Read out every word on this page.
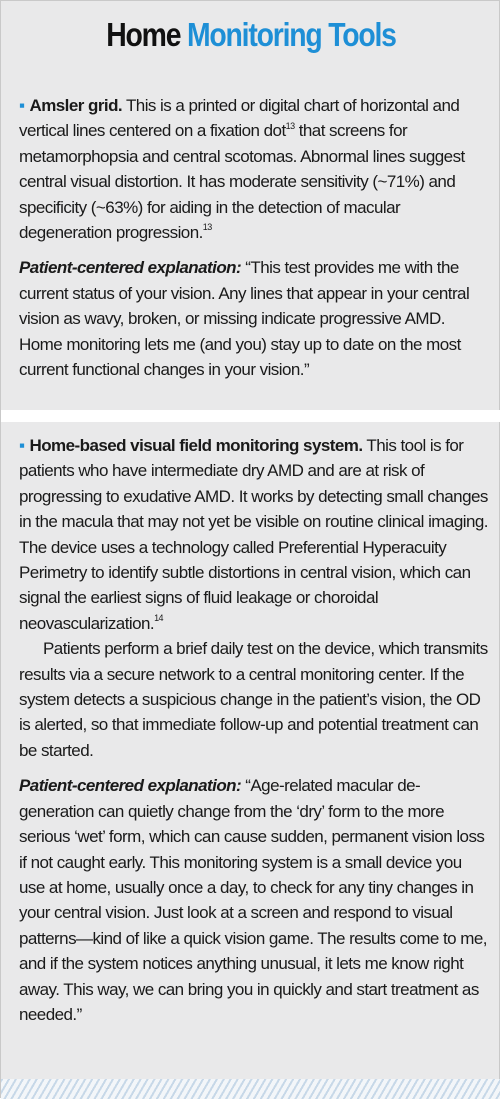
Home Monitoring Tools

▪ Amsler grid. This is a printed or digital chart of horizontal and vertical lines centered on a fixation dot$^{13}$ that screens for metamorphopsia and central scotomas. Abnormal lines suggest central visual distortion. It has moderate sensitivity (~71%) and specificity (~63%) for aiding in the detection of macular degeneration progression.$^{13}$

Patient-centered explanation: “This test provides me with the current status of your vision. Any lines that appear in your central vision as wavy, broken, or missing indicate progressive AMD. Home monitoring lets me (and you) stay up to date on the most current functional changes in your vision.”

▪ Home-based visual field monitoring system. This tool is for patients who have intermediate dry AMD and are at risk of progressing to exudative AMD. It works by detecting small changes in the macula that may not yet be visible on routine clinical imaging. The device uses a technology called Preferential Hyperacuity Perimetry to identify subtle distortions in central vision, which can signal the earliest signs of fluid leakage or choroidal neovascularization.$^{14}$

Patients perform a brief daily test on the device, which transmits results via a secure network to a central monitoring center. If the system detects a suspicious change in the patient’s vision, the OD is alerted, so that immediate follow-up and potential treatment can be started.

Patient-centered explanation: “Age-related macular degeneration can quietly change from the ‘dry’ form to the more serious ‘wet’ form, which can cause sudden, permanent vision loss if not caught early. This monitoring system is a small device you use at home, usually once a day, to check for any tiny changes in your central vision. Just look at a screen and respond to visual patterns—kind of like a quick vision game. The results come to me, and if the system notices anything unusual, it lets me know right away. This way, we can bring you in quickly and start treatment as needed.”
